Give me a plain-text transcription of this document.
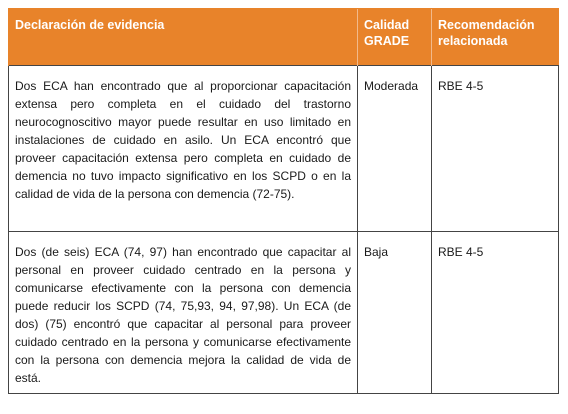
Declaración de evidencia	Calidad GRADE	Recomendación relacionada
Dos ECA han encontrado que al proporcionar capacitación extensa pero completa en el cuidado del trastorno neurocognoscitivo mayor puede resultar en uso limitado en instalaciones de cuidado en asilo. Un ECA encontró que proveer capacitación extensa pero completa en cuidado de demencia no tuvo impacto significativo en los SCPD o en la calidad de vida de la persona con demencia (72-75).	Moderada	RBE 4-5
Dos (de seis) ECA (74, 97) han encontrado que capacitar al personal en proveer cuidado centrado en la persona y comunicarse efectivamente con la persona con demencia puede reducir los SCPD (74, 75,93, 94, 97,98). Un ECA (de dos) (75) encontró que capacitar al personal para proveer cuidado centrado en la persona y comunicarse efectivamente con la persona con demencia mejora la calidad de vida de está.	Baja	RBE 4-5
